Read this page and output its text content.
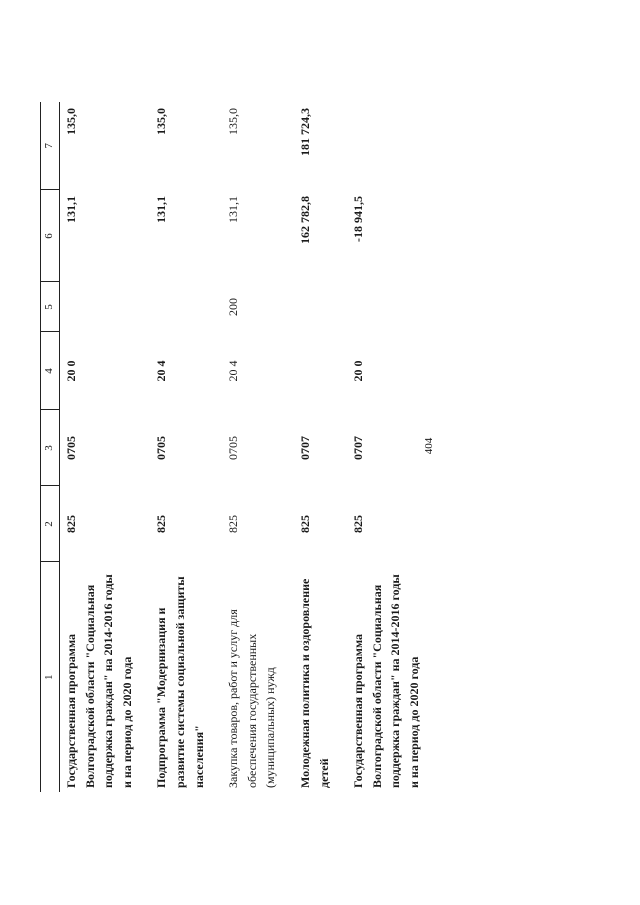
404
1	2	3	4	5	6	7
Государственная программа Волгоградской области "Социальная поддержка граждан" на 2014-2016 годы и на период до 2020 года	825	0705	20 0		131,1	135,0
Подпрограмма "Модернизация и развитие системы социальной защиты населения"	825	0705	20 4		131,1	135,0
Закупка товаров, работ и услуг для обеспечения государственных (муниципальных) нужд	825	0705	20 4	200	131,1	135,0
Молодежная политика и оздоровление детей	825	0707			162 782,8	181 724,3
Государственная программа Волгоградской области "Социальная поддержка граждан" на 2014-2016 годы и на период до 2020 года	825	0707	20 0		-18 941,5	
